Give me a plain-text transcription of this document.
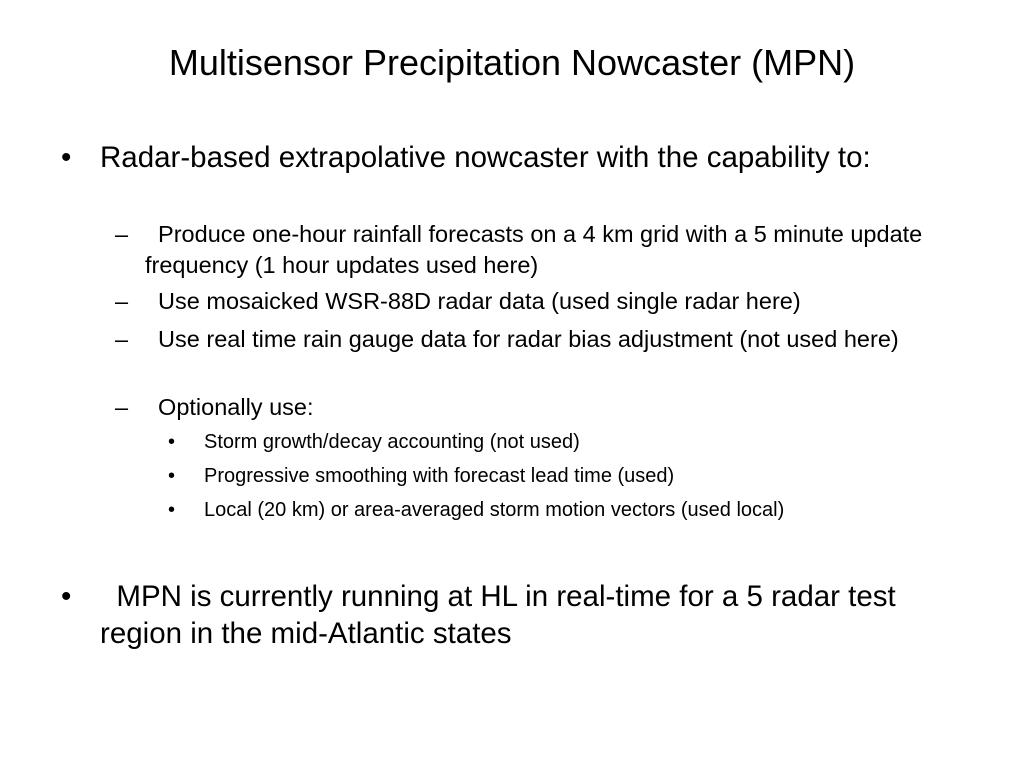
Multisensor Precipitation Nowcaster (MPN)
• Radar-based extrapolative nowcaster with the capability to:
– Produce one-hour rainfall forecasts on a 4 km grid with a 5 minute update frequency (1 hour updates used here)
– Use mosaicked WSR-88D radar data (used single radar here)
– Use real time rain gauge data for radar bias adjustment (not used here)
– Optionally use:
• Storm growth/decay accounting (not used)
• Progressive smoothing with forecast lead time (used)
• Local (20 km) or area-averaged storm motion vectors (used local)
• MPN is currently running at HL in real-time for a 5 radar test region in the mid-Atlantic states
